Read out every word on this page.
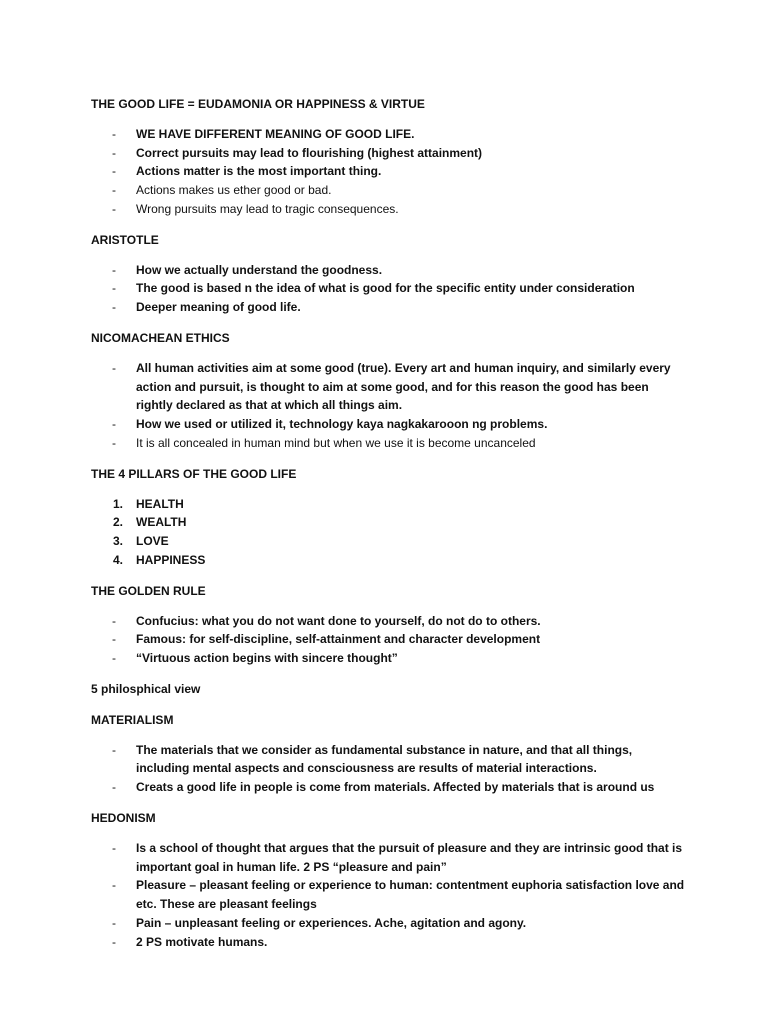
THE GOOD LIFE = EUDAMONIA OR HAPPINESS & VIRTUE

- WE HAVE DIFFERENT MEANING OF GOOD LIFE.
- Correct pursuits may lead to flourishing (highest attainment)
- Actions matter is the most important thing.
- Actions makes us ether good or bad.
- Wrong pursuits may lead to tragic consequences.

ARISTOTLE

- How we actually understand the goodness.
- The good is based n the idea of what is good for the specific entity under consideration
- Deeper meaning of good life.

NICOMACHEAN ETHICS

- All human activities aim at some good (true). Every art and human inquiry, and similarly every action and pursuit, is thought to aim at some good, and for this reason the good has been rightly declared as that at which all things aim.
- How we used or utilized it, technology kaya nagkakarooon ng problems.
- It is all concealed in human mind but when we use it is become uncanceled

THE 4 PILLARS OF THE GOOD LIFE

1. HEALTH
2. WEALTH
3. LOVE
4. HAPPINESS

THE GOLDEN RULE

- Confucius: what you do not want done to yourself, do not do to others.
- Famous: for self-discipline, self-attainment and character development
- “Virtuous action begins with sincere thought”

5 philosphical view

MATERIALISM

- The materials that we consider as fundamental substance in nature, and that all things, including mental aspects and consciousness are results of material interactions.
- Creats a good life in people is come from materials. Affected by materials that is around us

HEDONISM

- Is a school of thought that argues that the pursuit of pleasure and they are intrinsic good that is important goal in human life. 2 PS “pleasure and pain”
- Pleasure – pleasant feeling or experience to human: contentment euphoria satisfaction love and etc. These are pleasant feelings
- Pain – unpleasant feeling or experiences. Ache, agitation and agony.
- 2 PS motivate humans.
